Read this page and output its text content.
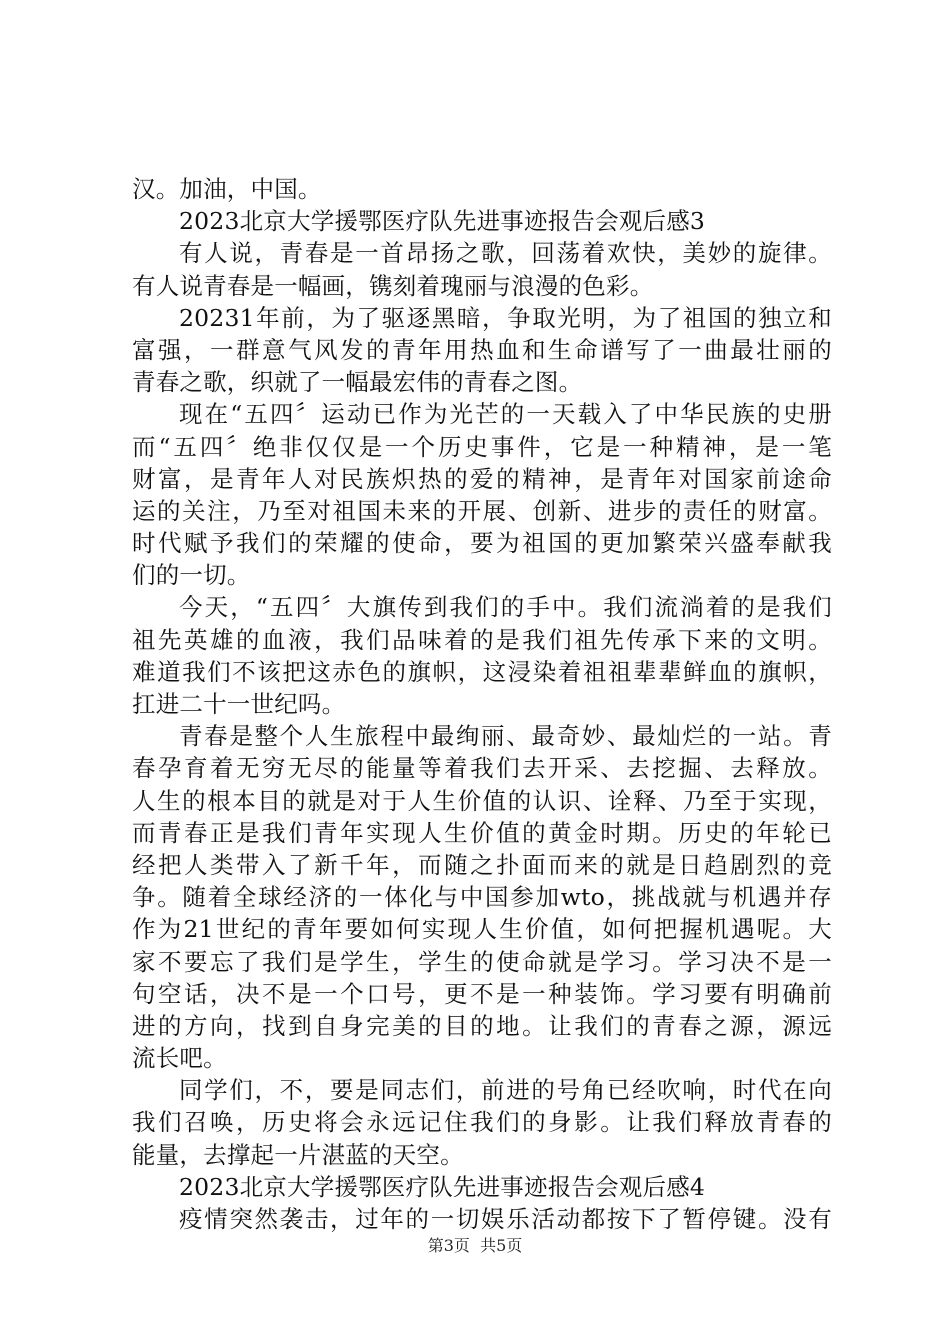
汉。加油，中国。
2023北京大学援鄂医疗队先进事迹报告会观后感3
有人说，青春是一首昂扬之歌，回荡着欢快，美妙的旋律。
有人说青春是一幅画，镌刻着瑰丽与浪漫的色彩。
20231年前，为了驱逐黑暗，争取光明，为了祖国的独立和
富强，一群意气风发的青年用热血和生命谱写了一曲最壮丽的
青春之歌，织就了一幅最宏伟的青春之图。
现在“五四〞运动已作为光芒的一天载入了中华民族的史册
而“五四〞绝非仅仅是一个历史事件，它是一种精神，是一笔
财富，是青年人对民族炽热的爱的精神，是青年对国家前途命
运的关注，乃至对祖国未来的开展、创新、进步的责任的财富。
时代赋予我们的荣耀的使命，要为祖国的更加繁荣兴盛奉献我
们的一切。
今天，“五四〞大旗传到我们的手中。我们流淌着的是我们
祖先英雄的血液，我们品味着的是我们祖先传承下来的文明。
难道我们不该把这赤色的旗帜，这浸染着祖祖辈辈鲜血的旗帜，
扛进二十一世纪吗。
青春是整个人生旅程中最绚丽、最奇妙、最灿烂的一站。青
春孕育着无穷无尽的能量等着我们去开采、去挖掘、去释放。
人生的根本目的就是对于人生价值的认识、诠释、乃至于实现，
而青春正是我们青年实现人生价值的黄金时期。历史的年轮已
经把人类带入了新千年，而随之扑面而来的就是日趋剧烈的竞
争。随着全球经济的一体化与中国参加wto，挑战就与机遇并存
作为21世纪的青年要如何实现人生价值，如何把握机遇呢。大
家不要忘了我们是学生，学生的使命就是学习。学习决不是一
句空话，决不是一个口号，更不是一种装饰。学习要有明确前
进的方向，找到自身完美的目的地。让我们的青春之源，源远
流长吧。
同学们，不，要是同志们，前进的号角已经吹响，时代在向
我们召唤，历史将会永远记住我们的身影。让我们释放青春的
能量，去撑起一片湛蓝的天空。
2023北京大学援鄂医疗队先进事迹报告会观后感4
疫情突然袭击，过年的一切娱乐活动都按下了暂停键。没有
第3页  共5页
